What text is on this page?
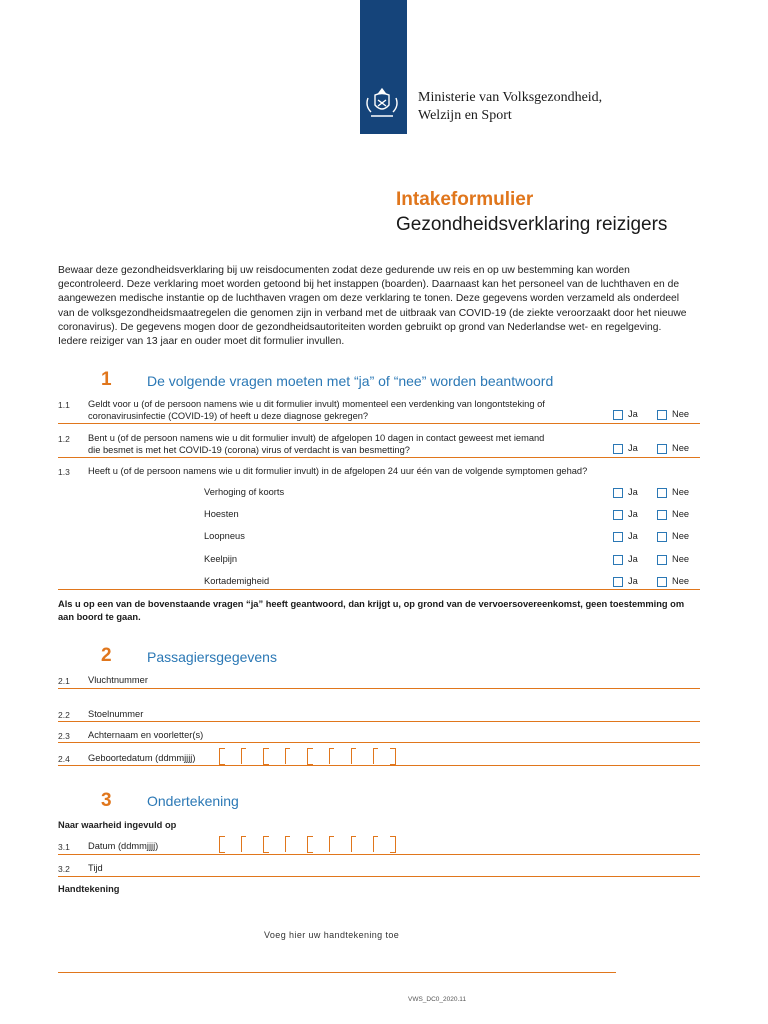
Ministerie van Volksgezondheid,
Welzijn en Sport
Intakeformulier
Gezondheidsverklaring reizigers
Bewaar deze gezondheidsverklaring bij uw reisdocumenten zodat deze gedurende uw reis en op uw bestemming kan worden gecontroleerd. Deze verklaring moet worden getoond bij het instappen (boarden). Daarnaast kan het personeel van de luchthaven en de aangewezen medische instantie op de luchthaven vragen om deze verklaring te tonen. Deze gegevens worden verzameld als onderdeel van de volksgezondheidsmaatregelen die genomen zijn in verband met de uitbraak van COVID-19 (de ziekte veroorzaakt door het nieuwe coronavirus). De gegevens mogen door de gezondheidsautoriteiten worden gebruikt op grond van Nederlandse wet- en regelgeving. Iedere reiziger van 13 jaar en ouder moet dit formulier invullen.
1	De volgende vragen moeten met “ja” of “nee” worden beantwoord
1.1 Geldt voor u (of de persoon namens wie u dit formulier invult) momenteel een verdenking van longontsteking of
coronavirusinfectie (COVID-19) of heeft u deze diagnose gekregen?	Ja	Nee
1.2 Bent u (of de persoon namens wie u dit formulier invult) de afgelopen 10 dagen in contact geweest met iemand
die besmet is met het COVID-19 (corona) virus of verdacht is van besmetting?	Ja	Nee
1.3 Heeft u (of de persoon namens wie u dit formulier invult) in de afgelopen 24 uur één van de volgende symptomen gehad?
Verhoging of koorts	Ja	Nee
Hoesten	Ja	Nee
Loopneus	Ja	Nee
Keelpijn	Ja	Nee
Kortademigheid	Ja	Nee
Als u op een van de bovenstaande vragen “ja” heeft geantwoord, dan krijgt u, op grond van de vervoersovereenkomst, geen toestemming om aan boord te gaan.
2	Passagiersgegevens
2.1 Vluchtnummer
2.2 Stoelnummer
2.3 Achternaam en voorletter(s)
2.4 Geboortedatum (ddmmjjjj)
3	Ondertekening
Naar waarheid ingevuld op
3.1 Datum (ddmmjjjj)
3.2 Tijd
Handtekening
Voeg hier uw handtekening toe
VWS_DC0_2020.11
